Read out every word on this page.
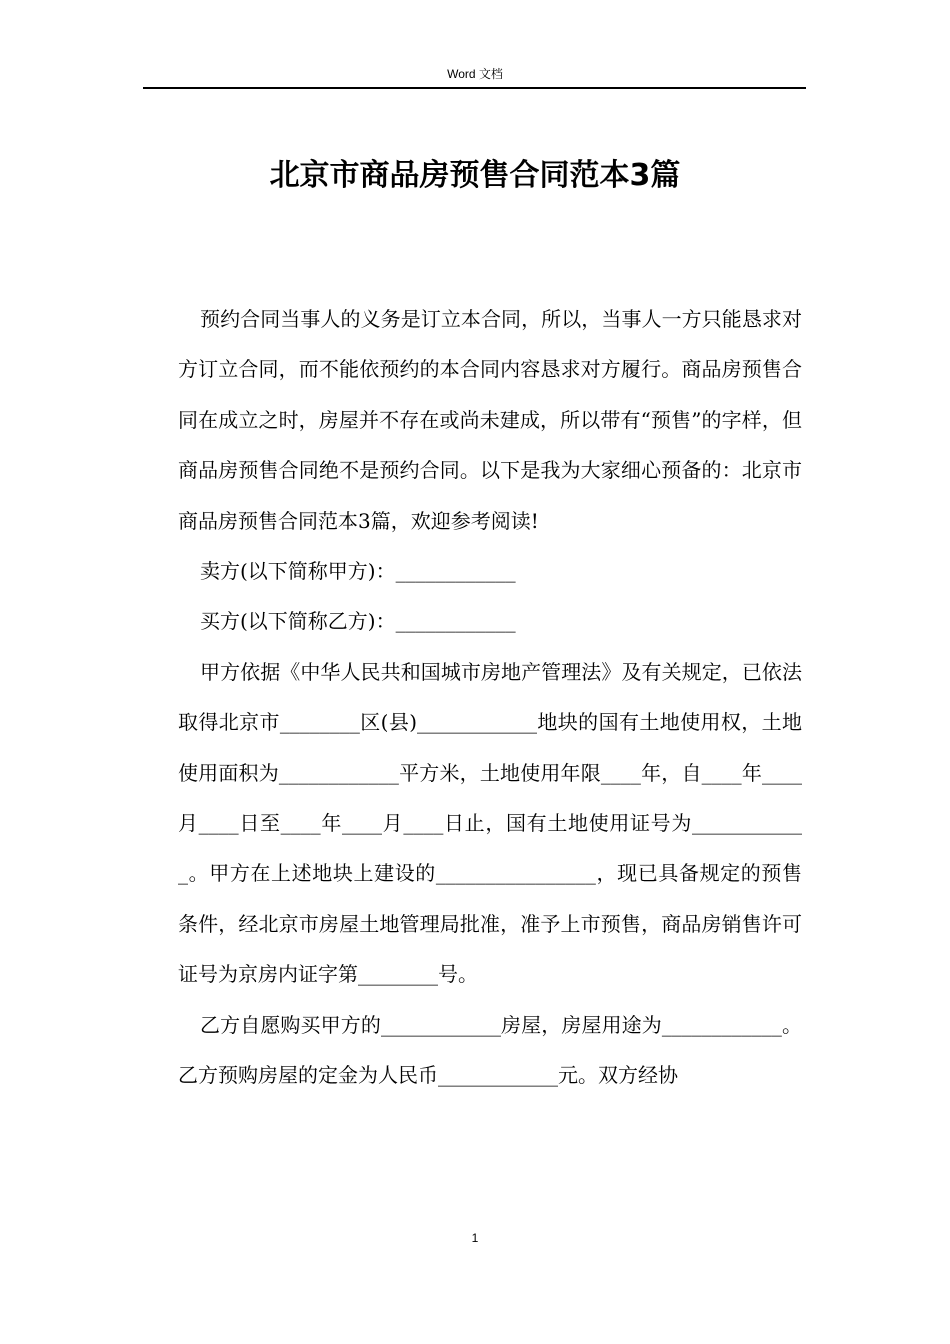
Word 文档
北京市商品房预售合同范本3篇

预约合同当事人的义务是订立本合同，所以，当事人一方只能恳求对方订立合同，而不能依预约的本合同内容恳求对方履行。商品房预售合同在成立之时，房屋并不存在或尚未建成，所以带有“预售”的字样，但商品房预售合同绝不是预约合同。以下是我为大家细心预备的：北京市商品房预售合同范本3篇，欢迎参考阅读!

卖方(以下简称甲方)：____________

买方(以下简称乙方)：____________

甲方依据《中华人民共和国城市房地产管理法》及有关规定，已依法取得北京市________区(县)____________地块的国有土地使用权，土地使用面积为____________平方米，土地使用年限____年，自____年____月____日至____年____月____日止，国有土地使用证号为____________。甲方在上述地块上建设的________________，现已具备规定的预售条件，经北京市房屋土地管理局批准，准予上市预售，商品房销售许可证号为京房内证字第________号。

乙方自愿购买甲方的____________房屋，房屋用途为____________。乙方预购房屋的定金为人民币____________元。双方经协

1
